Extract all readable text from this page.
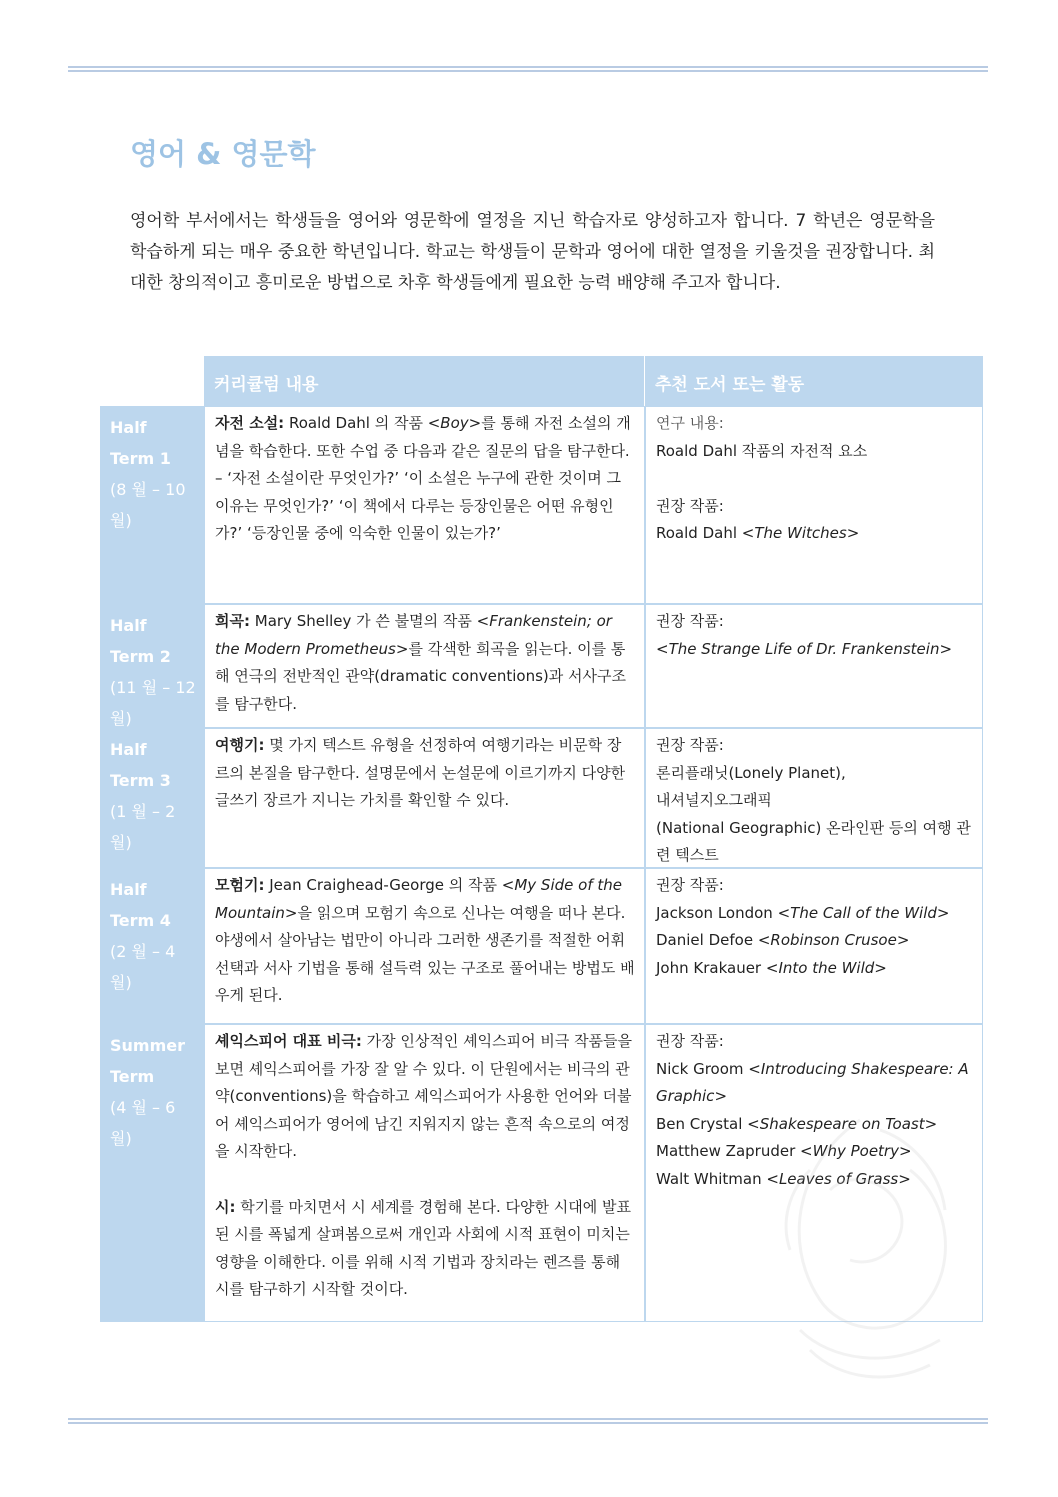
영어 & 영문학

영어학 부서에서는 학생들을 영어와 영문학에 열정을 지닌 학습자로 양성하고자 합니다. 7 학년은 영문학을 학습하게 되는 매우 중요한 학년입니다. 학교는 학생들이 문학과 영어에 대한 열정을 키울것을 권장합니다. 최대한 창의적이고 흥미로운 방법으로 차후 학생들에게 필요한 능력 배양해 주고자 합니다.

커리큘럼 내용	추천 도서 또는 활동
Half Term 1
(8 월 – 10 월)

자전 소설: Roald Dahl 의 작품 <Boy>를 통해 자전 소설의 개념을 학습한다. 또한 수업 중 다음과 같은 질문의 답을 탐구한다. – ‘자전 소설이란 무엇인가?’ ‘이 소설은 누구에 관한 것이며 그 이유는 무엇인가?’ ‘이 책에서 다루는 등장인물은 어떤 유형인가?’ ‘등장인물 중에 익숙한 인물이 있는가?’

연구 내용:

Roald Dahl 작품의 자전적 요소

권장 작품:

Roald Dahl <The Witches>

Half Term 2
(11 월 – 12 월)

희곡: Mary Shelley 가 쓴 불멸의 작품 <Frankenstein; or the Modern Prometheus>를 각색한 희곡을 읽는다. 이를 통해 연극의 전반적인 관약(dramatic conventions)과 서사구조를 탐구한다.

권장 작품:

<The Strange Life of Dr. Frankenstein>

Half Term 3
(1 월 – 2 월)

여행기: 몇 가지 텍스트 유형을 선정하여 여행기라는 비문학 장르의 본질을 탐구한다. 설명문에서 논설문에 이르기까지 다양한 글쓰기 장르가 지니는 가치를 확인할 수 있다.

권장 작품:

론리플래닛(Lonely Planet),

내셔널지오그래픽

(National Geographic) 온라인판 등의 여행 관련 텍스트

Half Term 4
(2 월 – 4 월)

모험기: Jean Craighead-George 의 작품 <My Side of the Mountain>을 읽으며 모험기 속으로 신나는 여행을 떠나 본다. 야생에서 살아남는 법만이 아니라 그러한 생존기를 적절한 어휘 선택과 서사 기법을 통해 설득력 있는 구조로 풀어내는 방법도 배우게 된다.

권장 작품:

Jackson London <The Call of the Wild>

Daniel Defoe <Robinson Crusoe>

John Krakauer <Into the Wild>

Summer Term
(4 월 – 6 월)

셰익스피어 대표 비극: 가장 인상적인 셰익스피어 비극 작품들을 보면 셰익스피어를 가장 잘 알 수 있다. 이 단원에서는 비극의 관약(conventions)을 학습하고 셰익스피어가 사용한 언어와 더불어 셰익스피어가 영어에 남긴 지워지지 않는 흔적 속으로의 여정을 시작한다.

시: 학기를 마치면서 시 세계를 경험해 본다. 다양한 시대에 발표된 시를 폭넓게 살펴봄으로써 개인과 사회에 시적 표현이 미치는 영향을 이해한다. 이를 위해 시적 기법과 장치라는 렌즈를 통해 시를 탐구하기 시작할 것이다.

권장 작품:

Nick Groom <Introducing Shakespeare: A Graphic>

Ben Crystal <Shakespeare on Toast>

Matthew Zapruder <Why Poetry>

Walt Whitman <Leaves of Grass>
